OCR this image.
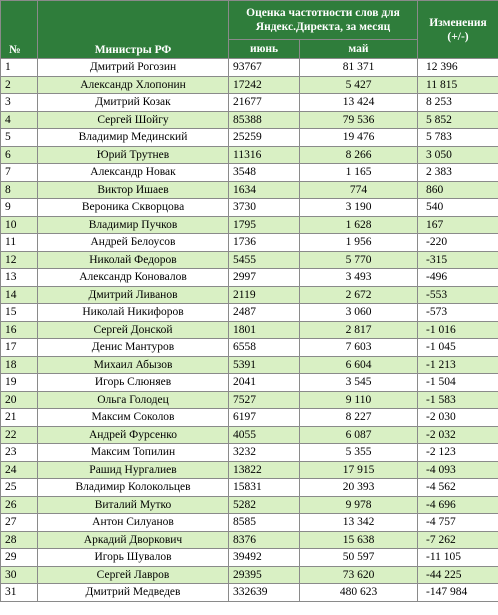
№	Министры РФ	Оценка частотности слов для Яндекс.Директа, за месяц		Изменения (+/-)
		июнь	май	
1	Дмитрий Рогозин	93767	81 371	12 396
2	Александр Хлопонин	17242	5 427	11 815
3	Дмитрий Козак	21677	13 424	8 253
4	Сергей Шойгу	85388	79 536	5 852
5	Владимир Мединский	25259	19 476	5 783
6	Юрий Трутнев	11316	8 266	3 050
7	Александр Новак	3548	1 165	2 383
8	Виктор Ишаев	1634	774	860
9	Вероника Скворцова	3730	3 190	540
10	Владимир Пучков	1795	1 628	167
11	Андрей Белоусов	1736	1 956	-220
12	Николай Федоров	5455	5 770	-315
13	Александр Коновалов	2997	3 493	-496
14	Дмитрий Ливанов	2119	2 672	-553
15	Николай Никифоров	2487	3 060	-573
16	Сергей Донской	1801	2 817	-1 016
17	Денис Мантуров	6558	7 603	-1 045
18	Михаил Абызов	5391	6 604	-1 213
19	Игорь Слюняев	2041	3 545	-1 504
20	Ольга Голодец	7527	9 110	-1 583
21	Максим Соколов	6197	8 227	-2 030
22	Андрей Фурсенко	4055	6 087	-2 032
23	Максим Топилин	3232	5 355	-2 123
24	Рашид Нургалиев	13822	17 915	-4 093
25	Владимир Колокольцев	15831	20 393	-4 562
26	Виталий Мутко	5282	9 978	-4 696
27	Антон Силуанов	8585	13 342	-4 757
28	Аркадий Дворкович	8376	15 638	-7 262
29	Игорь Шувалов	39492	50 597	-11 105
30	Сергей Лавров	29395	73 620	-44 225
31	Дмитрий Медведев	332639	480 623	-147 984
